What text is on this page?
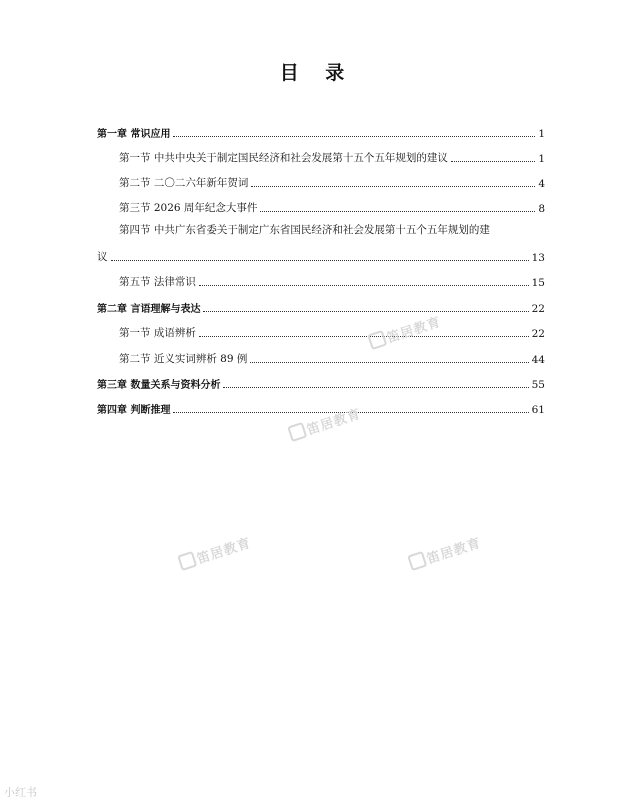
目 录
第一章 常识应用	1
第一节 中共中央关于制定国民经济和社会发展第十五个五年规划的建议	1
第二节 二〇二六年新年贺词	4
第三节 2026 周年纪念大事件	8
第四节 中共广东省委关于制定广东省国民经济和社会发展第十五个五年规划的建
议	13
第五节 法律常识	15
第二章 言语理解与表达	22
第一节 成语辨析	22
第二节 近义实词辨析 89 例	44
第三章 数量关系与资料分析	55
第四章 判断推理	61
笛居教育
笛居教育
笛居教育	笛居教育
小红书
